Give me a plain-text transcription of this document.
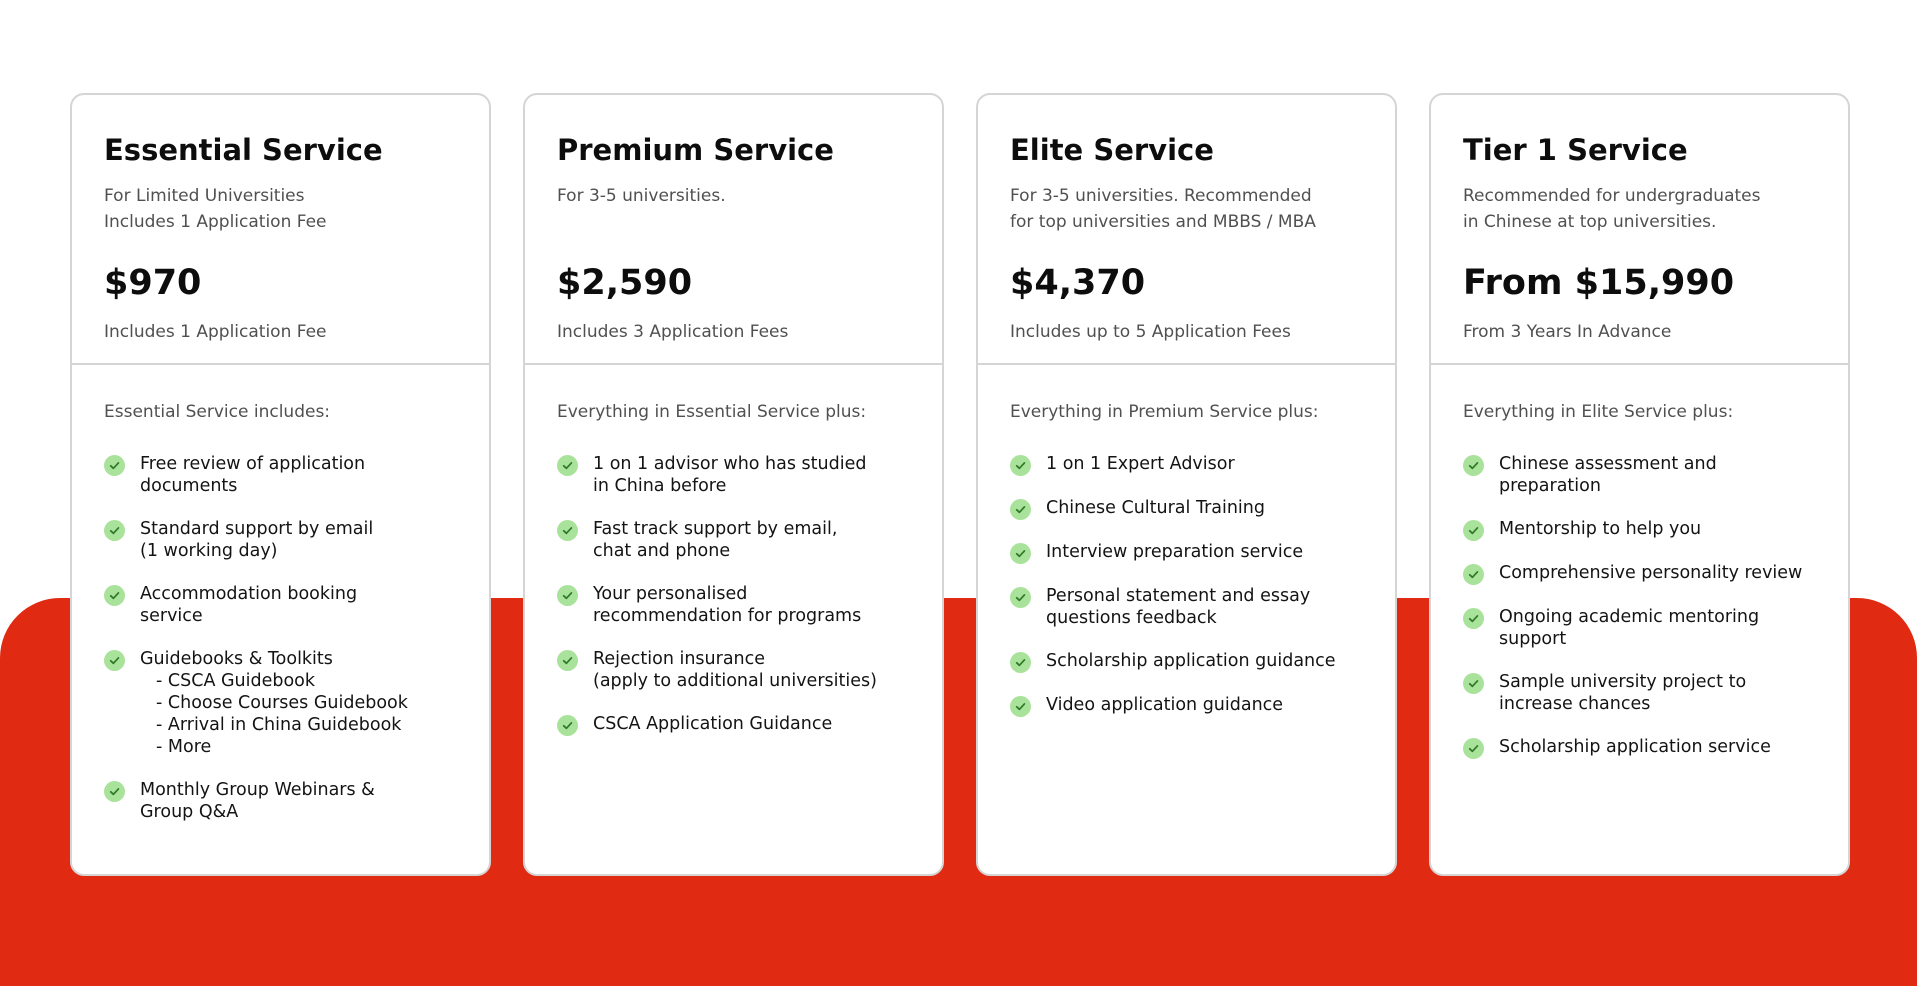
Essential Service
For Limited Universities
Includes 1 Application Fee
$970
Includes 1 Application Fee
Essential Service includes:
Free review of application
documents
Standard support by email
(1 working day)
Accommodation booking
service
Guidebooks & Toolkits
- CSCA Guidebook
- Choose Courses Guidebook
- Arrival in China Guidebook
- More
Monthly Group Webinars &
Group Q&A
Premium Service
For 3-5 universities.
$2,590
Includes 3 Application Fees
Everything in Essential Service plus:
1 on 1 advisor who has studied
in China before
Fast track support by email,
chat and phone
Your personalised
recommendation for programs
Rejection insurance
(apply to additional universities)
CSCA Application Guidance
Elite Service
For 3-5 universities. Recommended
for top universities and MBBS / MBA
$4,370
Includes up to 5 Application Fees
Everything in Premium Service plus:
1 on 1 Expert Advisor
Chinese Cultural Training
Interview preparation service
Personal statement and essay
questions feedback
Scholarship application guidance
Video application guidance
Tier 1 Service
Recommended for undergraduates
in Chinese at top universities.
From $15,990
From 3 Years In Advance
Everything in Elite Service plus:
Chinese assessment and
preparation
Mentorship to help you
Comprehensive personality review
Ongoing academic mentoring
support
Sample university project to
increase chances
Scholarship application service
